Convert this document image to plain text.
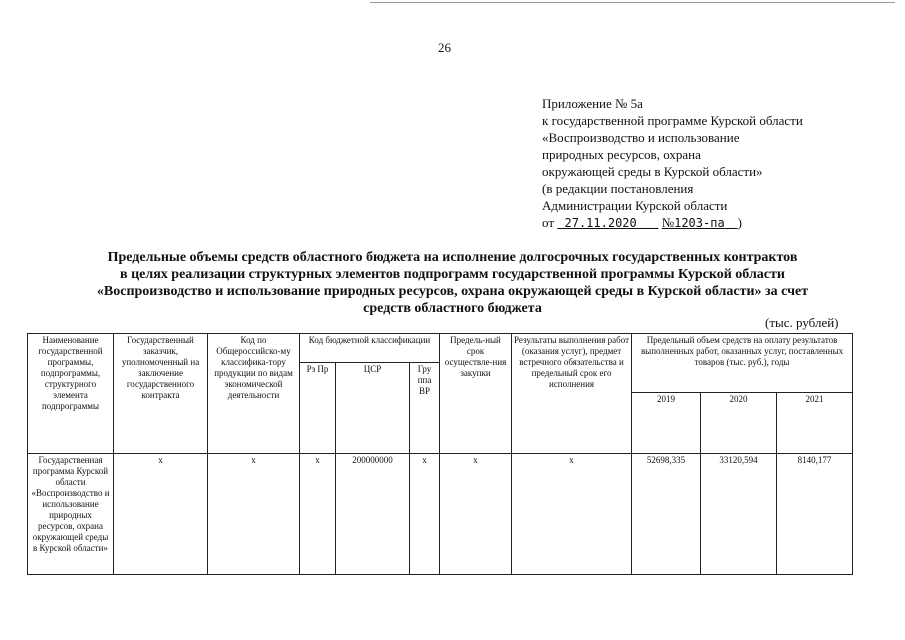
26
Приложение № 5а
к государственной программе Курской области
«Воспроизводство и использование
природных ресурсов, охрана
окружающей среды в Курской области»
(в редакции постановления
Администрации Курской области
от 27.11.2020 №1203-па )
Предельные объемы средств областного бюджета на исполнение долгосрочных государственных контрактов
в целях реализации структурных элементов подпрограмм государственной программы Курской области
«Воспроизводство и использование природных ресурсов, охрана окружающей среды в Курской области» за счет
средств областного бюджета
(тыс. рублей)
Наименование государственной программы, подпрограммы, структурного элемента подпрограммы	Государственный заказчик, уполномоченный на заключение государственного контракта	Код по Общероссийско-му классифика-тору продукции по видам экономической деятельности	Код бюджетной классификации			Предель-ный срок осуществле-ния закупки	Результаты выполнения работ (оказания услуг), предмет встречного обязательства и предельный срок его исполнения	Предельный объем средств на оплату результатов выполненных работ, оказанных услуг, поставленных товаров (тыс. руб.), годы		
			Рз Пр	ЦСР	Гру ппа ВР					
								2019	2020	2021
Государственная программа Курской области «Воспроизводство и использование природных ресурсов, охрана окружающей среды в Курской области»	х	х	х	200000000	х	х	х	52698,335	33120,594	8140,177
